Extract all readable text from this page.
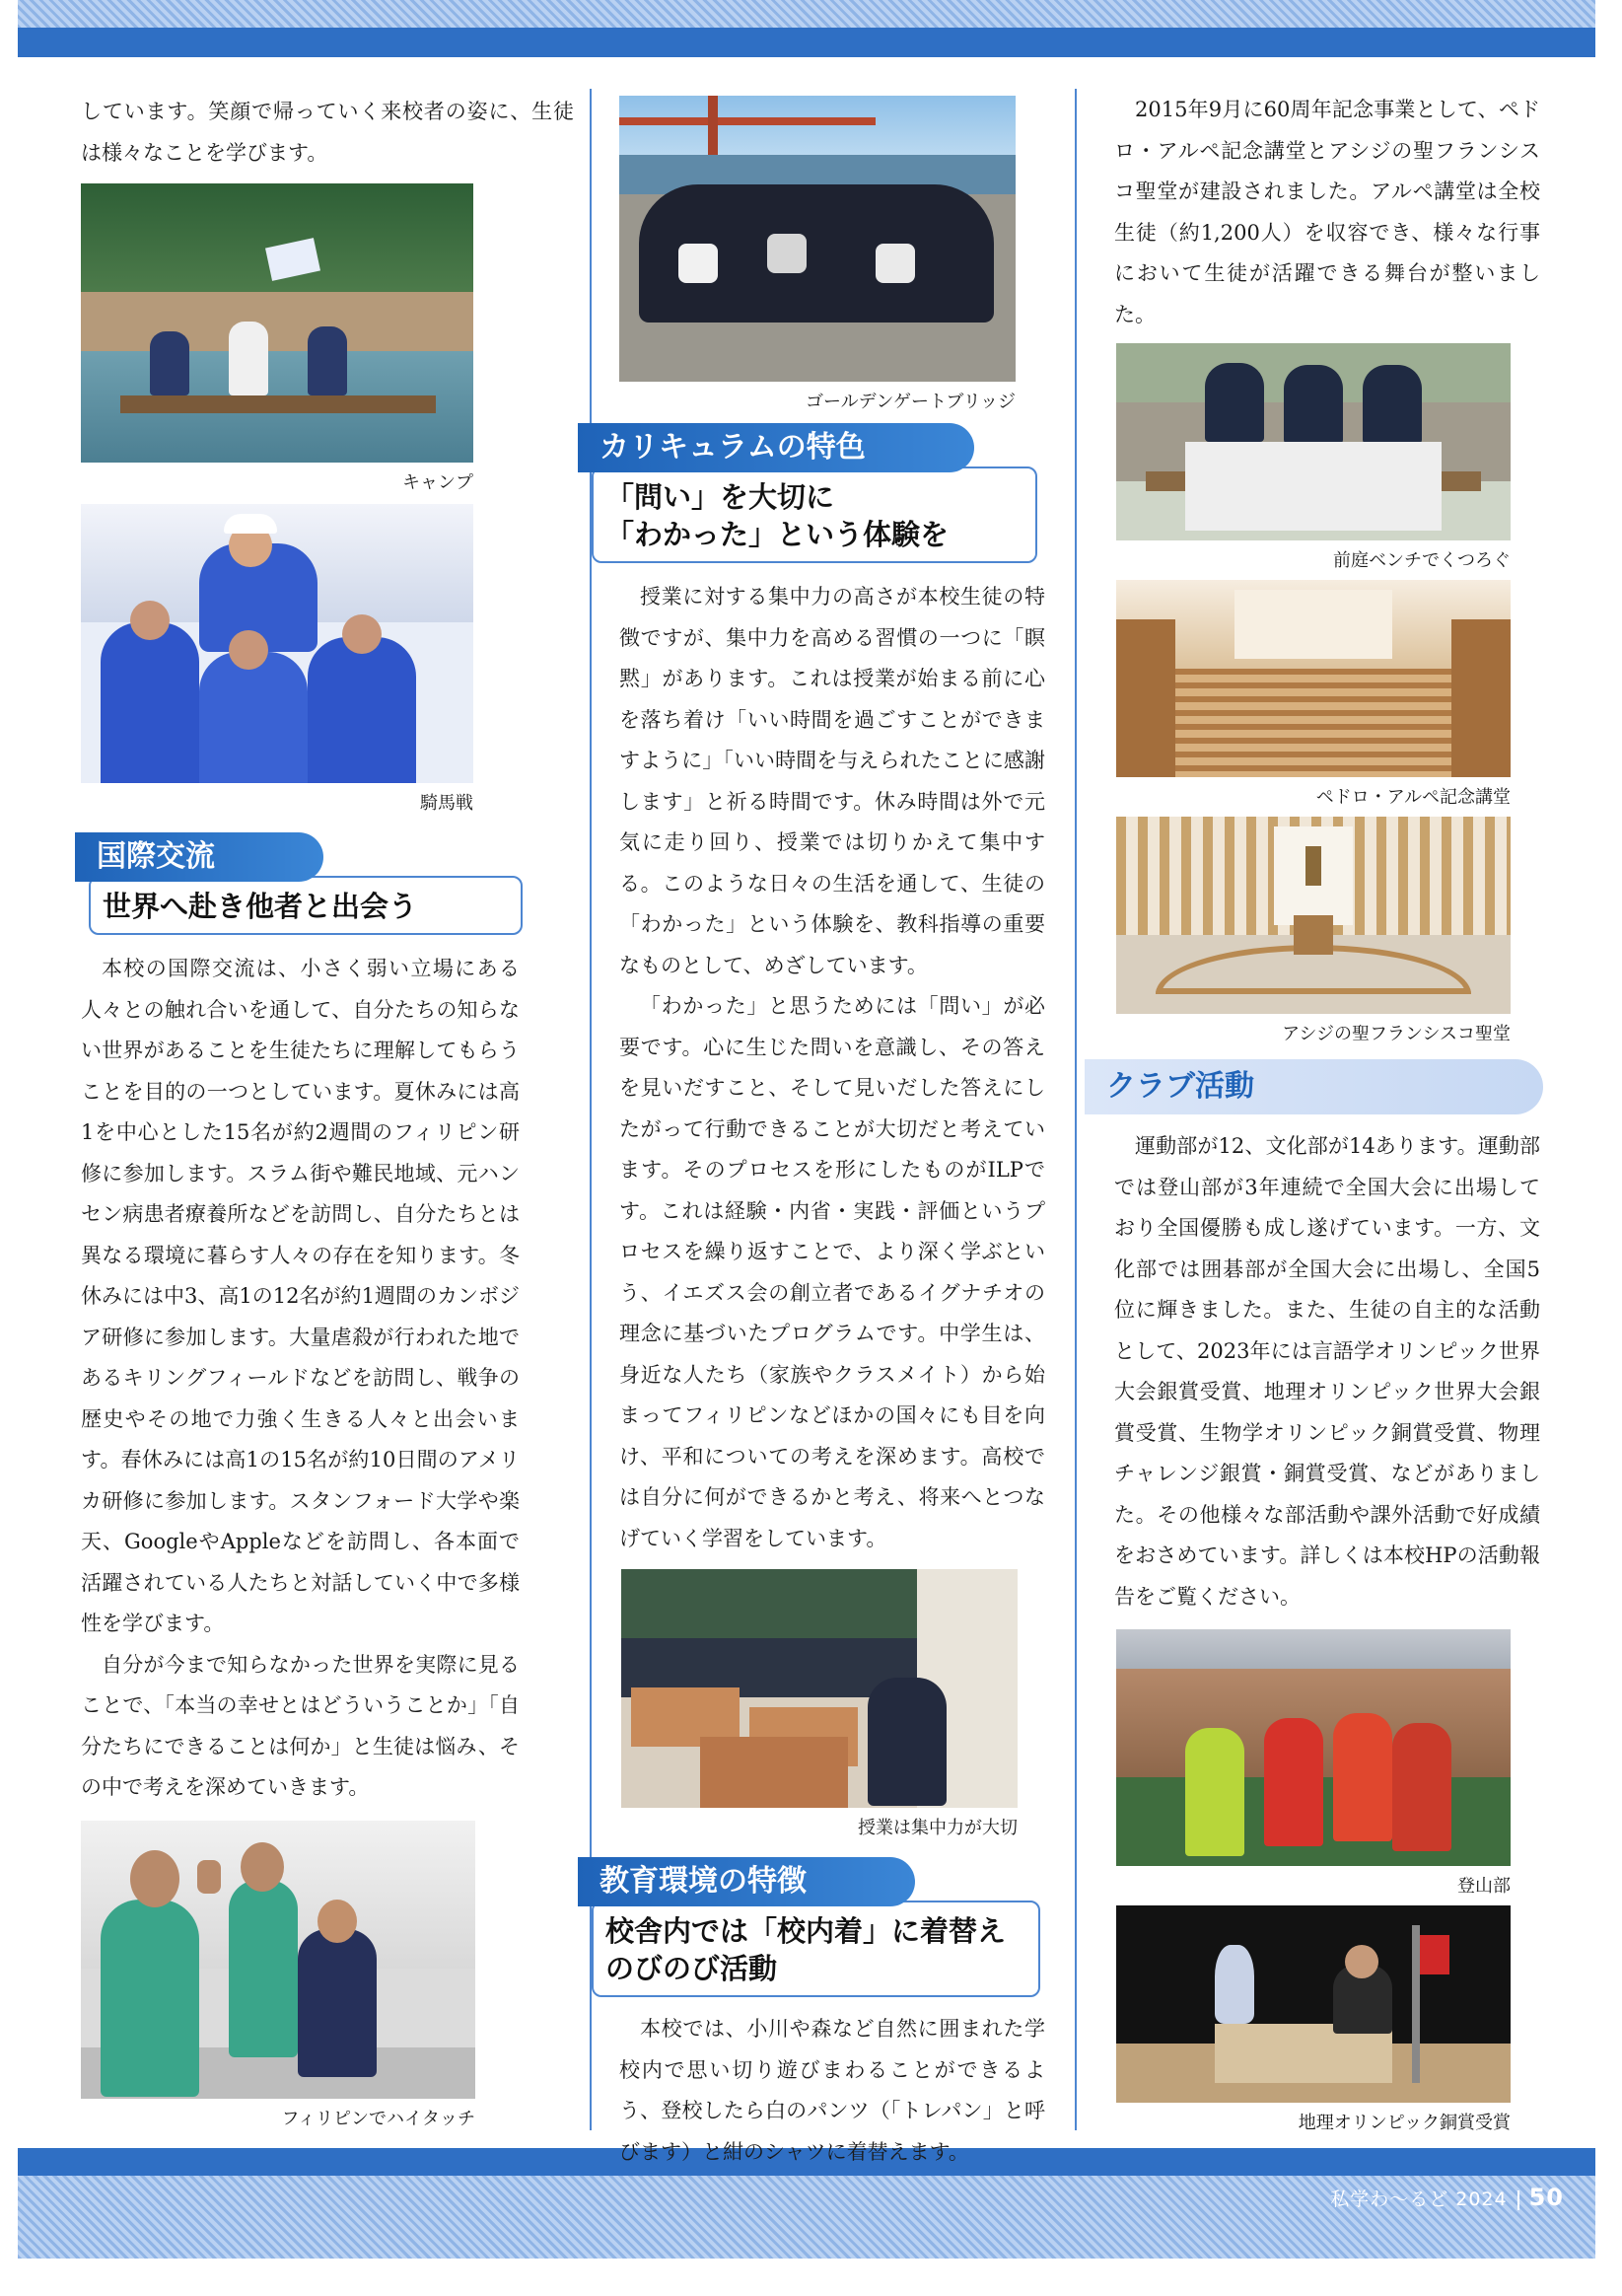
私学わ～るど 2024 50

しています。笑顔で帰っていく来校者の姿に、生徒は様々なことを学びます。

キャンプ
騎馬戦
国際交流
世界へ赴き他者と出会う

本校の国際交流は、小さく弱い立場にある人々との触れ合いを通して、自分たちの知らない世界があることを生徒たちに理解してもらうことを目的の一つとしています。夏休みには高1を中心とした15名が約2週間のフィリピン研修に参加します。スラム街や難民地域、元ハンセン病患者療養所などを訪問し、自分たちとは異なる環境に暮らす人々の存在を知ります。冬休みには中3、高1の12名が約1週間のカンボジア研修に参加します。大量虐殺が行われた地であるキリングフィールドなどを訪問し、戦争の歴史やその地で力強く生きる人々と出会います。春休みには高1の15名が約10日間のアメリカ研修に参加します。スタンフォード大学や楽天、GoogleやAppleなどを訪問し、各本面で活躍されている人たちと対話していく中で多様性を学びます。

自分が今まで知らなかった世界を実際に見ることで、「本当の幸せとはどういうことか」「自分たちにできることは何か」と生徒は悩み、その中で考えを深めていきます。

フィリピンでハイタッチ
ゴールデンゲートブリッジ
カリキュラムの特色
「問い」を大切に
「わかった」という体験を

授業に対する集中力の高さが本校生徒の特徴ですが、集中力を高める習慣の一つに「瞑黙」があります。これは授業が始まる前に心を落ち着け「いい時間を過ごすことができますように」「いい時間を与えられたことに感謝します」と祈る時間です。休み時間は外で元気に走り回り、授業では切りかえて集中する。このような日々の生活を通して、生徒の「わかった」という体験を、教科指導の重要なものとして、めざしています。

「わかった」と思うためには「問い」が必要です。心に生じた問いを意識し、その答えを見いだすこと、そして見いだした答えにしたがって行動できることが大切だと考えています。そのプロセスを形にしたものがILPです。これは経験・内省・実践・評価というプロセスを繰り返すことで、より深く学ぶという、イエズス会の創立者であるイグナチオの理念に基づいたプログラムです。中学生は、身近な人たち（家族やクラスメイト）から始まってフィリピンなどほかの国々にも目を向け、平和についての考えを深めます。高校では自分に何ができるかと考え、将来へとつなげていく学習をしています。

授業は集中力が大切
教育環境の特徴
校舎内では「校内着」に着替え
のびのび活動

本校では、小川や森など自然に囲まれた学校内で思い切り遊びまわることができるよう、登校したら白のパンツ（「トレパン」と呼びます）と紺のシャツに着替えます。

2015年9月に60周年記念事業として、ペドロ・アルペ記念講堂とアシジの聖フランシスコ聖堂が建設されました。アルペ講堂は全校生徒（約1,200人）を収容でき、様々な行事において生徒が活躍できる舞台が整いました。

前庭ベンチでくつろぐ
ペドロ・アルペ記念講堂
アシジの聖フランシスコ聖堂
クラブ活動

運動部が12、文化部が14あります。運動部では登山部が3年連続で全国大会に出場しており全国優勝も成し遂げています。一方、文化部では囲碁部が全国大会に出場し、全国5位に輝きました。また、生徒の自主的な活動として、2023年には言語学オリンピック世界大会銀賞受賞、地理オリンピック世界大会銀賞受賞、生物学オリンピック銅賞受賞、物理チャレンジ銀賞・銅賞受賞、などがありました。その他様々な部活動や課外活動で好成績をおさめています。詳しくは本校HPの活動報告をご覧ください。

登山部
地理オリンピック銅賞受賞
